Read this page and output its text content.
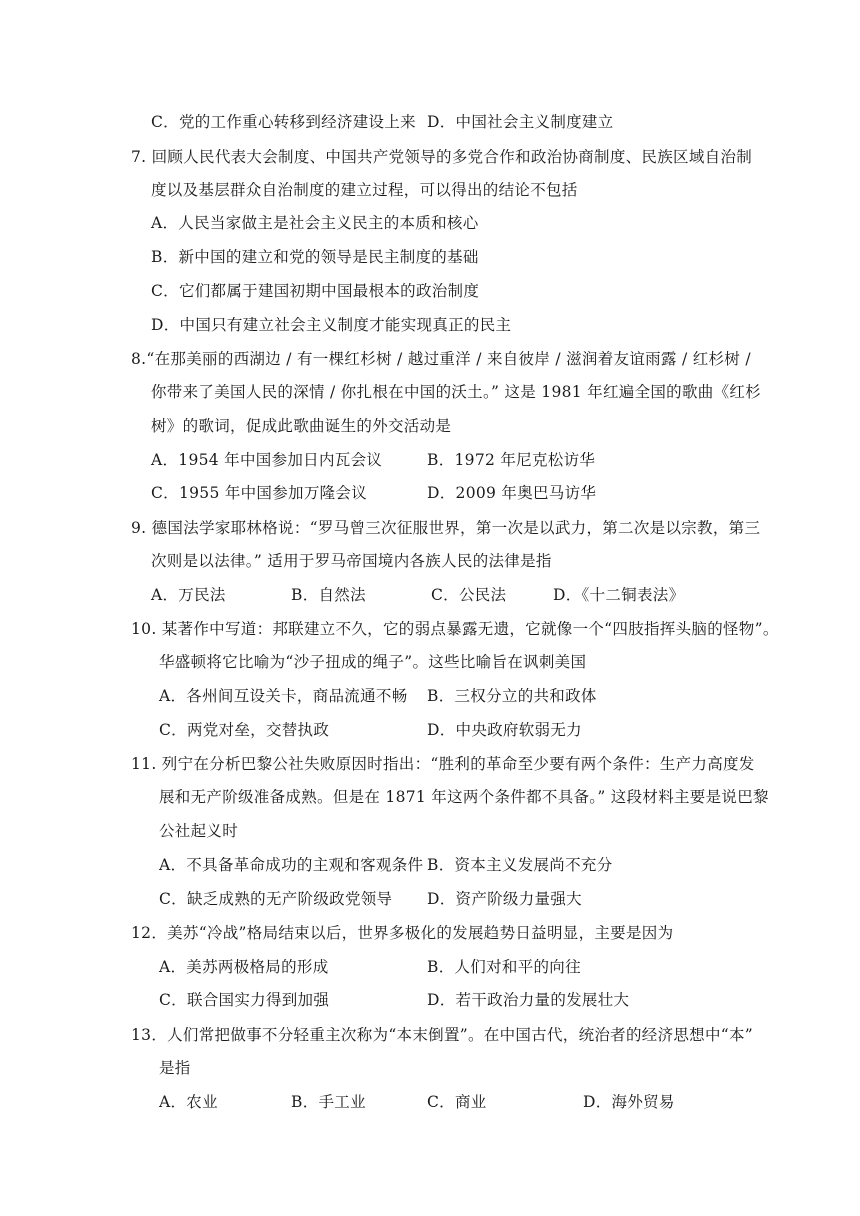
C．党的工作重心转移到经济建设上来 D．中国社会主义制度建立
7. 回顾人民代表大会制度、中国共产党领导的多党合作和政治协商制度、民族区域自治制
度以及基层群众自治制度的建立过程，可以得出的结论不包括
A．人民当家做主是社会主义民主的本质和核心
B．新中国的建立和党的领导是民主制度的基础
C．它们都属于建国初期中国最根本的政治制度
D．中国只有建立社会主义制度才能实现真正的民主
8.“在那美丽的西湖边 / 有一棵红杉树 / 越过重洋 / 来自彼岸 / 滋润着友谊雨露 / 红杉树 /
你带来了美国人民的深情 / 你扎根在中国的沃土。” 这是 1981 年红遍全国的歌曲《红杉
树》的歌词，促成此歌曲诞生的外交活动是
A．1954 年中国参加日内瓦会议	B．1972 年尼克松访华
C．1955 年中国参加万隆会议	D．2009 年奥巴马访华
9. 德国法学家耶林格说：“罗马曾三次征服世界，第一次是以武力，第二次是以宗教，第三
次则是以法律。” 适用于罗马帝国境内各族人民的法律是指
A．万民法	B．自然法	C．公民法	D．《十二铜表法》
10. 某著作中写道：邦联建立不久，它的弱点暴露无遗，它就像一个“四肢指挥头脑的怪物”。
华盛顿将它比喻为“沙子扭成的绳子”。这些比喻旨在讽刺美国
A．各州间互设关卡，商品流通不畅 B．三权分立的共和政体
C．两党对垒，交替执政	D．中央政府软弱无力
11. 列宁在分析巴黎公社失败原因时指出：“胜利的革命至少要有两个条件：生产力高度发
展和无产阶级准备成熟。但是在 1871 年这两个条件都不具备。” 这段材料主要是说巴黎
公社起义时
A．不具备革命成功的主观和客观条件 B．资本主义发展尚不充分
C．缺乏成熟的无产阶级政党领导 D．资产阶级力量强大
12．美苏“冷战”格局结束以后，世界多极化的发展趋势日益明显，主要是因为
A．美苏两极格局的形成	B．人们对和平的向往
C．联合国实力得到加强	D．若干政治力量的发展壮大
13．人们常把做事不分轻重主次称为“本末倒置”。在中国古代，统治者的经济思想中“本”
是指
A．农业	B．手工业	C．商业	D．海外贸易
